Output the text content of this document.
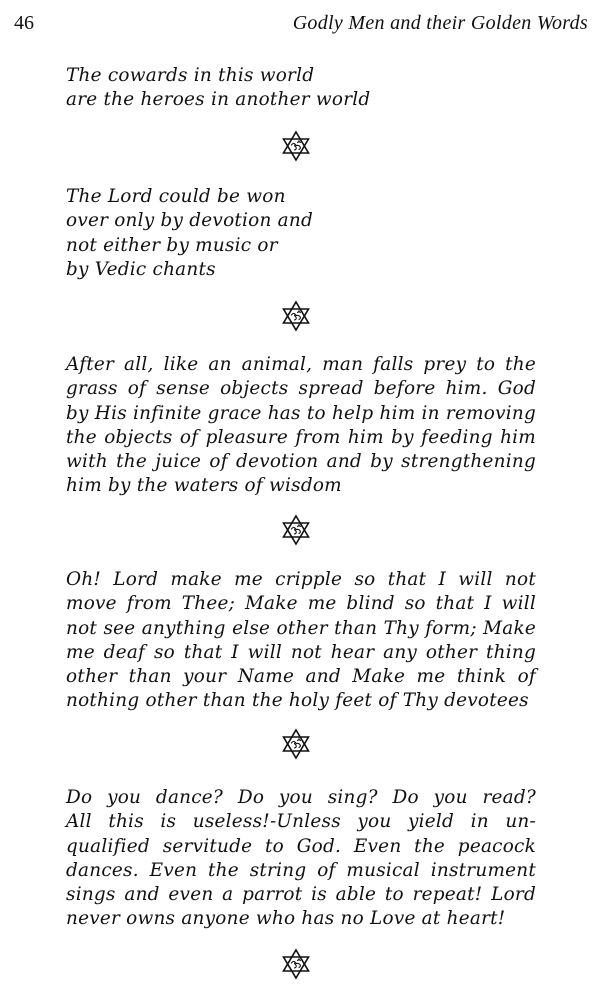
46	Godly Men and their Golden Words
The cowards in this world
are the heroes in another world
The Lord could be won
over only by devotion and
not either by music or
by Vedic chants
After all, like an animal, man falls prey to the
grass of sense objects spread before him. God
by His infinite grace has to help him in removing
the objects of pleasure from him by feeding him
with the juice of devotion and by strengthening
him by the waters of wisdom
Oh! Lord make me cripple so that I will not
move from Thee; Make me blind so that I will
not see anything else other than Thy form; Make
me deaf so that I will not hear any other thing
other than your Name and Make me think of
nothing other than the holy feet of Thy devotees
Do you dance? Do you sing? Do you read?
All this is useless!-Unless you yield in un-
qualified servitude to God. Even the peacock
dances. Even the string of musical instrument
sings and even a parrot is able to repeat! Lord
never owns anyone who has no Love at heart!
